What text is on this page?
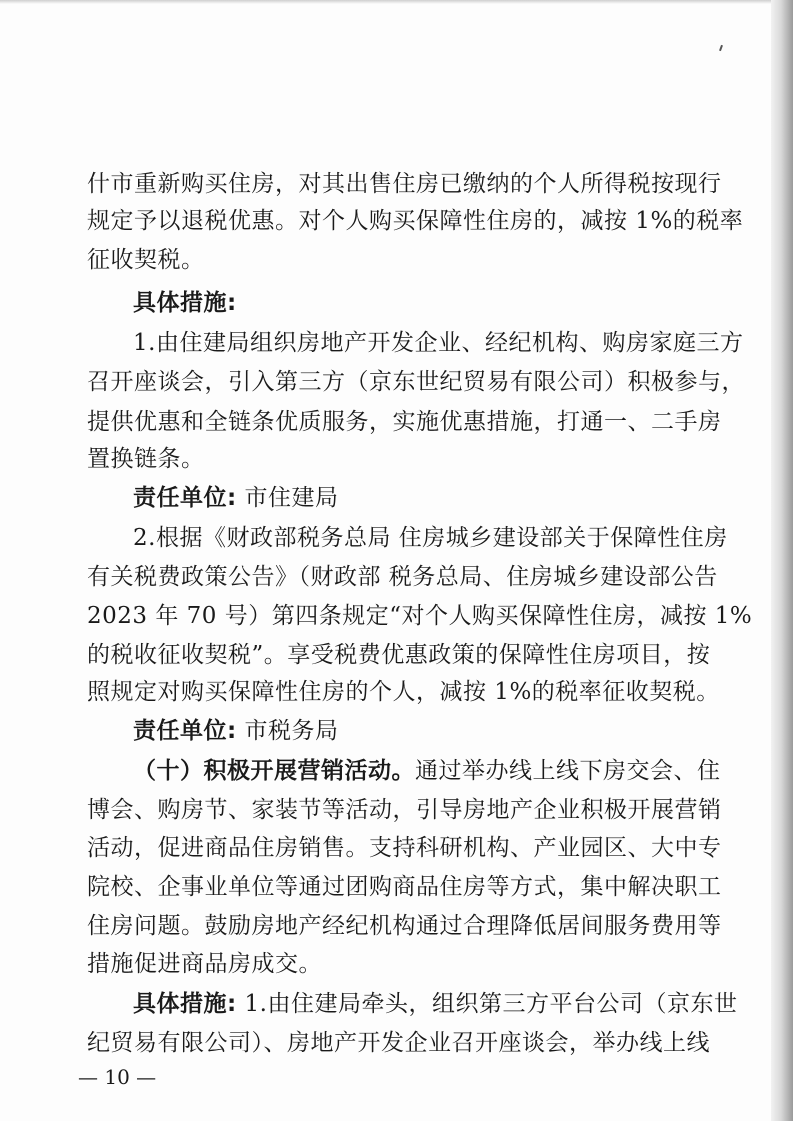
什市重新购买住房，对其出售住房已缴纳的个人所得税按现行
规定予以退税优惠。对个人购买保障性住房的，减按 1%的税率
征收契税。
具体措施:
1.由住建局组织房地产开发企业、经纪机构、购房家庭三方
召开座谈会，引入第三方（京东世纪贸易有限公司）积极参与，
提供优惠和全链条优质服务，实施优惠措施，打通一、二手房
置换链条。
责任单位: 市住建局
2.根据《财政部税务总局 住房城乡建设部关于保障性住房
有关税费政策公告》（财政部 税务总局、住房城乡建设部公告
2023 年 70 号）第四条规定“对个人购买保障性住房，减按 1%
的税收征收契税”。享受税费优惠政策的保障性住房项目，按
照规定对购买保障性住房的个人，减按 1%的税率征收契税。
责任单位: 市税务局
（十）积极开展营销活动。通过举办线上线下房交会、住
博会、购房节、家装节等活动，引导房地产企业积极开展营销
活动，促进商品住房销售。支持科研机构、产业园区、大中专
院校、企事业单位等通过团购商品住房等方式，集中解决职工
住房问题。鼓励房地产经纪机构通过合理降低居间服务费用等
措施促进商品房成交。
具体措施: 1.由住建局牵头，组织第三方平台公司（京东世
纪贸易有限公司）、房地产开发企业召开座谈会，举办线上线
— 10 —
